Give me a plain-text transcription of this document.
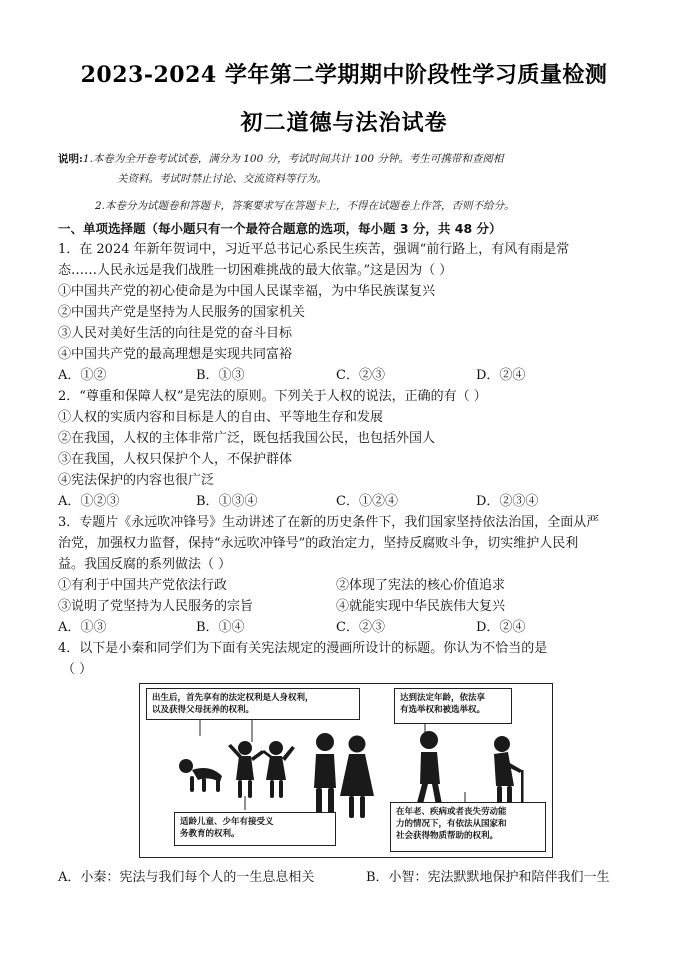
2023-2024 学年第二学期期中阶段性学习质量检测
初二道德与法治试卷
说明:1.本卷为全开卷考试试卷，满分为 100 分，考试时间共计 100 分钟。考生可携带和查阅相
关资料。考试时禁止讨论、交流资料等行为。
2.本卷分为试题卷和答题卡，答案要求写在答题卡上，不得在试题卷上作答，否则不给分。
一、单项选择题（每小题只有一个最符合题意的选项，每小题 3 分，共 48 分）
1．在 2024 年新年贺词中，习近平总书记心系民生疾苦，强调“前行路上，有风有雨是常
态……人民永远是我们战胜一切困难挑战的最大依靠。”这是因为（ ）
①中国共产党的初心使命是为中国人民谋幸福，为中华民族谋复兴
②中国共产党是坚持为人民服务的国家机关
③人民对美好生活的向往是党的奋斗目标
④中国共产党的最高理想是实现共同富裕
A．①②	B．①③	C．②③	D．②④
2．“尊重和保障人权”是宪法的原则。下列关于人权的说法，正确的有（ ）
①人权的实质内容和目标是人的自由、平等地生存和发展
②在我国，人权的主体非常广泛，既包括我国公民，也包括外国人
③在我国，人权只保护个人，不保护群体
④宪法保护的内容也很广泛
A．①②③	B．①③④	C．①②④	D．②③④
3．专题片《永远吹冲锋号》生动讲述了在新的历史条件下，我们国家坚持依法治国，全面从严
治党，加强权力监督，保持“永远吹冲锋号”的政治定力，坚持反腐败斗争，切实维护人民利
益。我国反腐的系列做法（ ）
①有利于中国共产党依法行政	②体现了宪法的核心价值追求
③说明了党坚持为人民服务的宗旨	④就能实现中华民族伟大复兴
A．①③	B．①④	C．②③	D．②④
4．以下是小秦和同学们为下面有关宪法规定的漫画所设计的标题。你认为不恰当的是
（ ）
出生后，首先享有的法定权利是人身权利，
以及获得父母抚养的权利。
达到法定年龄，依法享
有选举权和被选举权。
适龄儿童、少年有接受义
务教育的权利。
在年老、疾病或者丧失劳动能
力的情况下，有依法从国家和
社会获得物质帮助的权利。
A．小秦：宪法与我们每个人的一生息息相关	B．小智：宪法默默地保护和陪伴我们一生
